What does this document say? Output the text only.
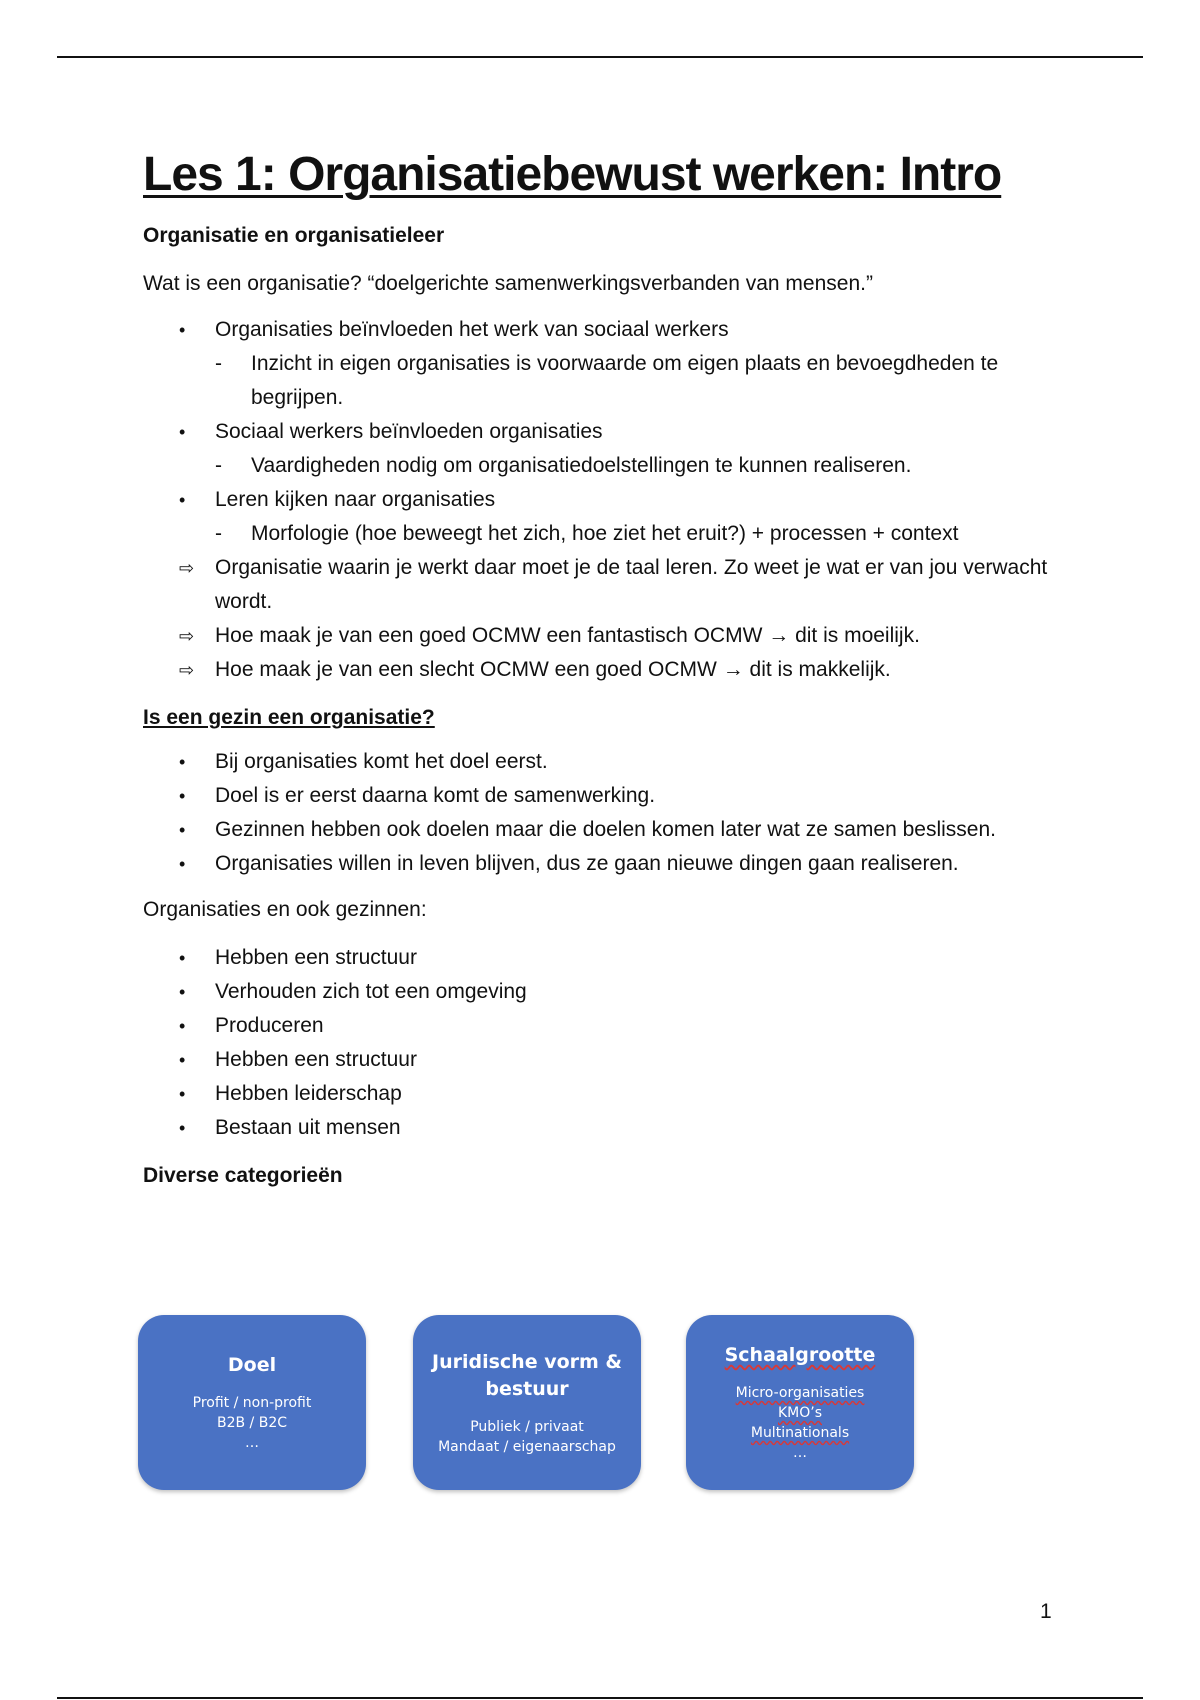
Les 1: Organisatiebewust werken: Intro
Organisatie en organisatieleer

Wat is een organisatie? “doelgerichte samenwerkingsverbanden van mensen.”

• Organisaties beïnvloeden het werk van sociaal werkers
- Inzicht in eigen organisaties is voorwaarde om eigen plaats en bevoegdheden te begrijpen.
• Sociaal werkers beïnvloeden organisaties
- Vaardigheden nodig om organisatiedoelstellingen te kunnen realiseren.
• Leren kijken naar organisaties
- Morfologie (hoe beweegt het zich, hoe ziet het eruit?) + processen + context
⇨ Organisatie waarin je werkt daar moet je de taal leren. Zo weet je wat er van jou verwacht wordt.
⇨ Hoe maak je van een goed OCMW een fantastisch OCMW → dit is moeilijk.
⇨ Hoe maak je van een slecht OCMW een goed OCMW → dit is makkelijk.
Is een gezin een organisatie?
• Bij organisaties komt het doel eerst.
• Doel is er eerst daarna komt de samenwerking.
• Gezinnen hebben ook doelen maar die doelen komen later wat ze samen beslissen.
• Organisaties willen in leven blijven, dus ze gaan nieuwe dingen gaan realiseren.

Organisaties en ook gezinnen:

• Hebben een structuur
• Verhouden zich tot een omgeving
• Produceren
• Hebben een structuur
• Hebben leiderschap
• Bestaan uit mensen
Diverse categorieën
Doel
Profit / non-profit
B2B / B2C
…
Juridische vorm & bestuur
Publiek / privaat
Mandaat / eigenaarschap
Schaalgrootte
Micro-organisaties
KMO’s
Multinationals
…
1
